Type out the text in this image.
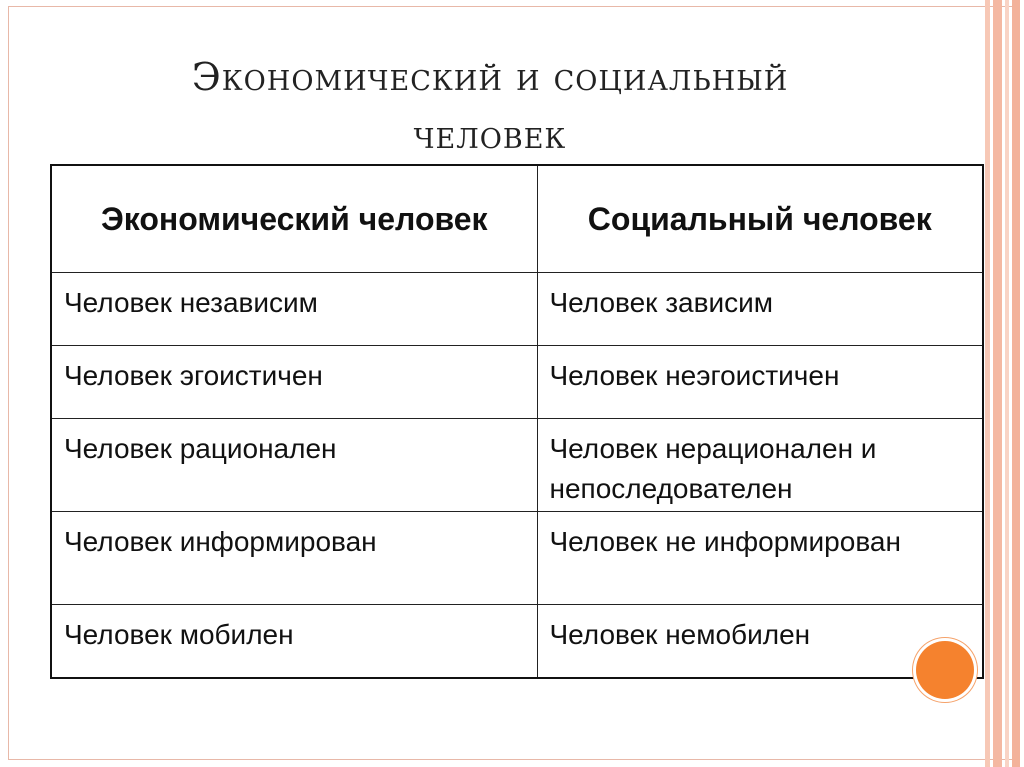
Экономический и социальный
человек
Экономический человек	Социальный человек
Человек независим	Человек зависим
Человек эгоистичен	Человек неэгоистичен
Человек рационален	Человек нерационален и непоследователен
Человек информирован	Человек не информирован
Человек мобилен	Человек немобилен
